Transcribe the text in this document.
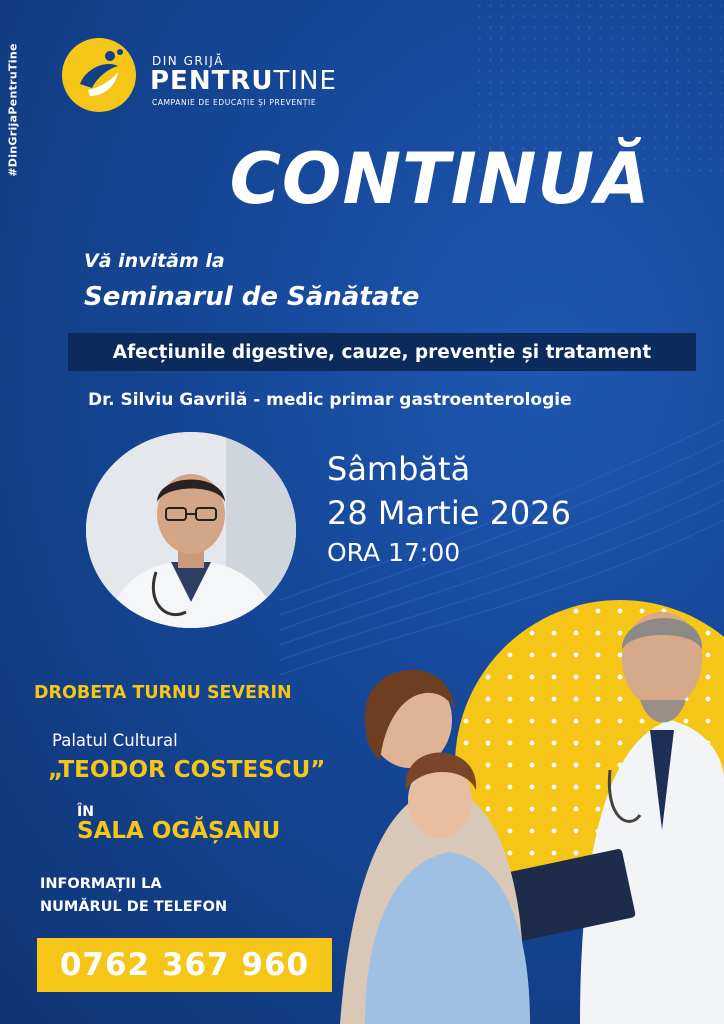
#DinGrijaPentruTine	DIN GRIJĂ
PENTRUTINE
CAMPANIE DE EDUCAȚIE ȘI PREVENȚIE
CONTINUĂ
Vă invităm la
Seminarul de Sănătate
Afecțiunile digestive, cauze, prevenție și tratament
Dr. Silviu Gavrilă - medic primar gastroenterologie
Sâmbătă
28 Martie 2026
ORA 17:00
DROBETA TURNU SEVERIN
Palatul Cultural
„TEODOR COSTESCU”
ÎN
SALA OGĂȘANU
INFORMAȚII LA
NUMĂRUL DE TELEFON
0762 367 960
